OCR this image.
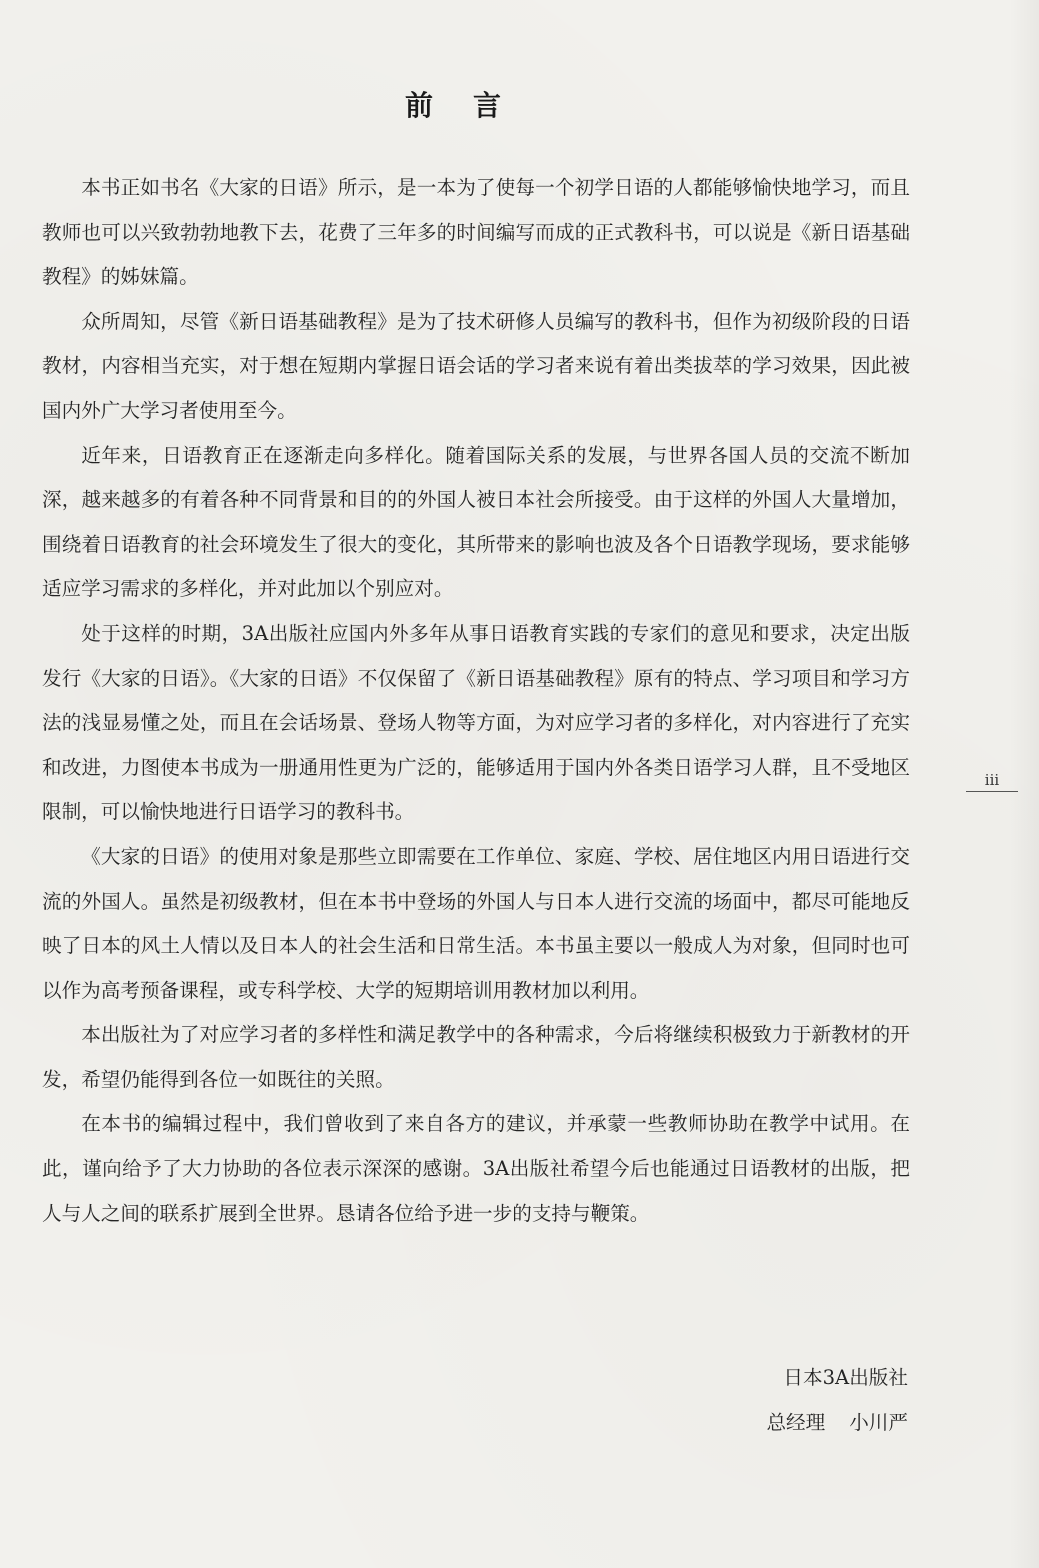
前言

本书正如书名《大家的日语》所示，是一本为了使每一个初学日语的人都能够愉快地学习，而且教师也可以兴致勃勃地教下去，花费了三年多的时间编写而成的正式教科书，可以说是《新日语基础教程》的姊妹篇。

众所周知，尽管《新日语基础教程》是为了技术研修人员编写的教科书，但作为初级阶段的日语教材，内容相当充实，对于想在短期内掌握日语会话的学习者来说有着出类拔萃的学习效果，因此被国内外广大学习者使用至今。

近年来，日语教育正在逐渐走向多样化。随着国际关系的发展，与世界各国人员的交流不断加深，越来越多的有着各种不同背景和目的的外国人被日本社会所接受。由于这样的外国人大量增加，围绕着日语教育的社会环境发生了很大的变化，其所带来的影响也波及各个日语教学现场，要求能够适应学习需求的多样化，并对此加以个别应对。

处于这样的时期，3A出版社应国内外多年从事日语教育实践的专家们的意见和要求，决定出版发行《大家的日语》。《大家的日语》不仅保留了《新日语基础教程》原有的特点、学习项目和学习方法的浅显易懂之处，而且在会话场景、登场人物等方面，为对应学习者的多样化，对内容进行了充实和改进，力图使本书成为一册通用性更为广泛的，能够适用于国内外各类日语学习人群，且不受地区限制，可以愉快地进行日语学习的教科书。

《大家的日语》的使用对象是那些立即需要在工作单位、家庭、学校、居住地区内用日语进行交流的外国人。虽然是初级教材，但在本书中登场的外国人与日本人进行交流的场面中，都尽可能地反映了日本的风土人情以及日本人的社会生活和日常生活。本书虽主要以一般成人为对象，但同时也可以作为高考预备课程，或专科学校、大学的短期培训用教材加以利用。

本出版社为了对应学习者的多样性和满足教学中的各种需求，今后将继续积极致力于新教材的开发，希望仍能得到各位一如既往的关照。

在本书的编辑过程中，我们曾收到了来自各方的建议，并承蒙一些教师协助在教学中试用。在此，谨向给予了大力协助的各位表示深深的感谢。3A出版社希望今后也能通过日语教材的出版，把人与人之间的联系扩展到全世界。恳请各位给予进一步的支持与鞭策。

日本3A出版社
总经理 小川严
iii
